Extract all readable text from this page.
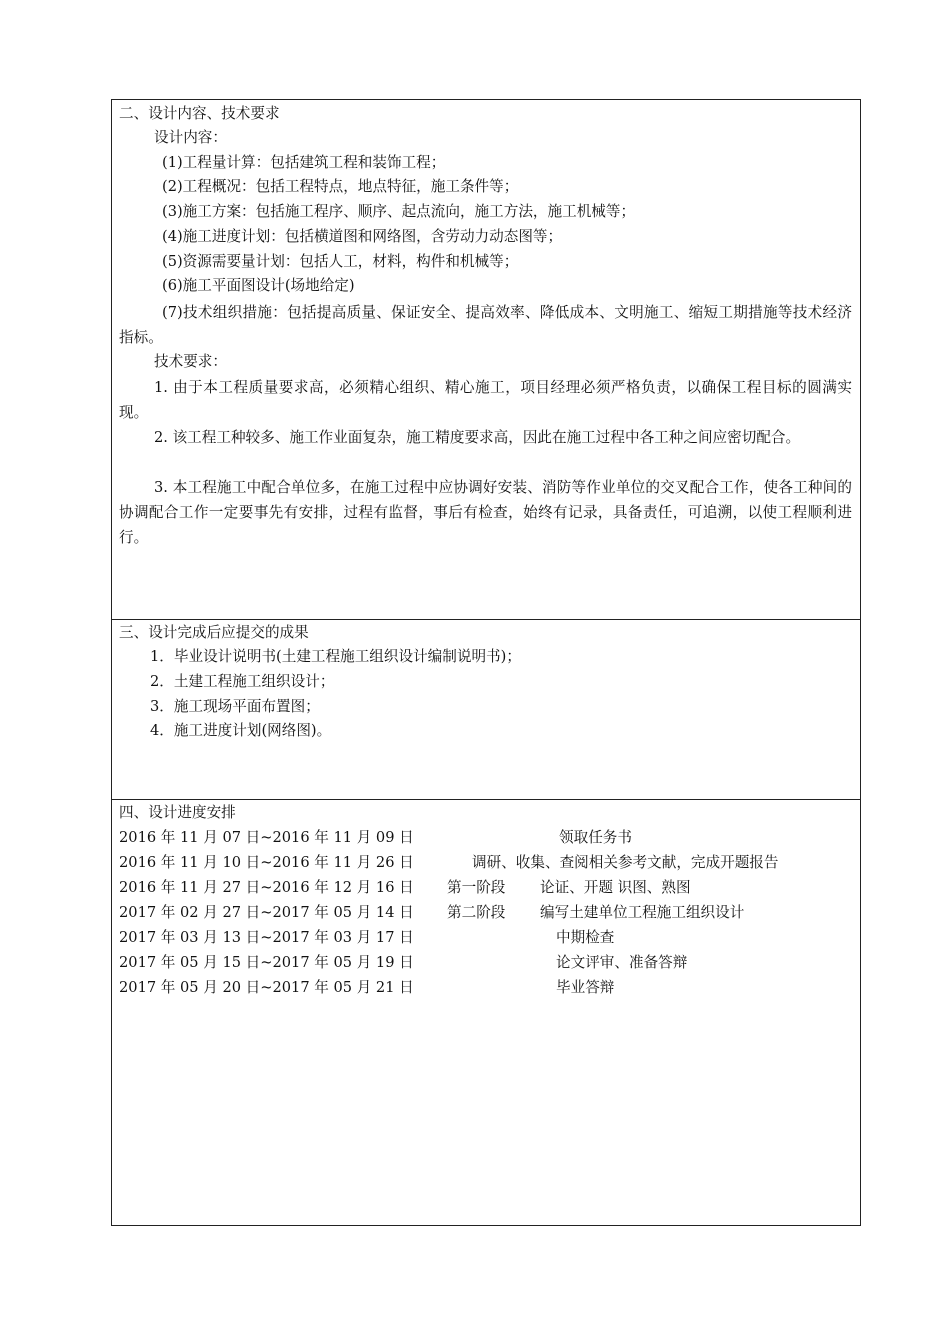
二、设计内容、技术要求
设计内容：
(1)工程量计算：包括建筑工程和装饰工程；
(2)工程概况：包括工程特点，地点特征，施工条件等；
(3)施工方案：包括施工程序、顺序、起点流向，施工方法，施工机械等；
(4)施工进度计划：包括横道图和网络图，含劳动力动态图等；
(5)资源需要量计划：包括人工，材料，构件和机械等；
(6)施工平面图设计(场地给定)
(7)技术组织措施：包括提高质量、保证安全、提高效率、降低成本、文明施工、缩短工期措施等技术经济指标。
技术要求：
1. 由于本工程质量要求高，必须精心组织、精心施工，项目经理必须严格负责，以确保工程目标的圆满实现。
2. 该工程工种较多、施工作业面复杂，施工精度要求高，因此在施工过程中各工种之间应密切配合。
3. 本工程施工中配合单位多，在施工过程中应协调好安装、消防等作业单位的交叉配合工作，使各工种间的协调配合工作一定要事先有安排，过程有监督，事后有检查，始终有记录，具备责任，可追溯，以使工程顺利进行。
三、设计完成后应提交的成果
1．毕业设计说明书(土建工程施工组织设计编制说明书)；
2．土建工程施工组织设计；
3．施工现场平面布置图；
4．施工进度计划(网络图)。
四、设计进度安排
2016 年 11 月 07 日~2016 年 11 月 09 日	领取任务书
2016 年 11 月 10 日~2016 年 11 月 26 日	调研、收集、查阅相关参考文献，完成开题报告
2016 年 11 月 27 日~2016 年 12 月 16 日 第一阶段 论证、开题 识图、熟图
2017 年 02 月 27 日~2017 年 05 月 14 日 第二阶段 编写土建单位工程施工组织设计
2017 年 03 月 13 日~2017 年 03 月 17 日	中期检查
2017 年 05 月 15 日~2017 年 05 月 19 日	论文评审、准备答辩
2017 年 05 月 20 日~2017 年 05 月 21 日	毕业答辩
